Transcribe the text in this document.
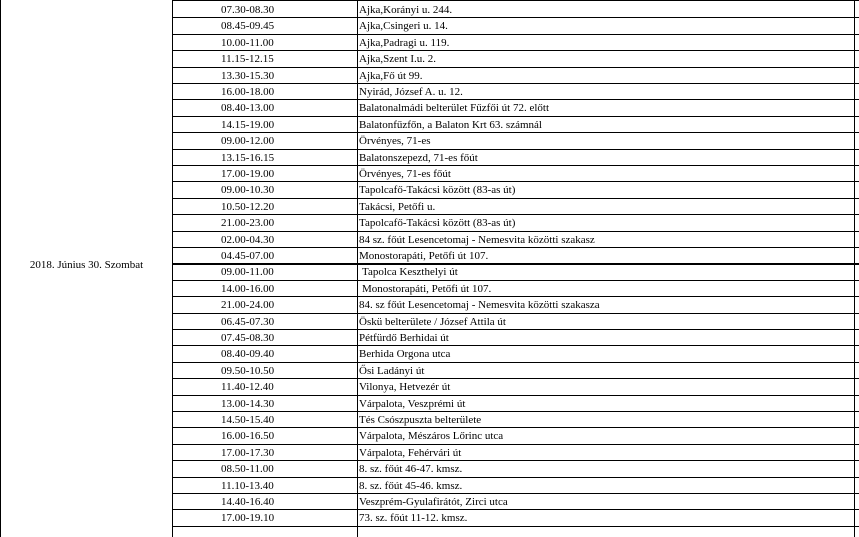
2018. Június 30. Szombat
07.30-08.30	Ajka,Korányi u. 244.
08.45-09.45	Ajka,Csingeri u. 14.
10.00-11.00	Ajka,Padragi u. 119.
11.15-12.15	Ajka,Szent I.u. 2.
13.30-15.30	Ajka,Fő út 99.
16.00-18.00	Nyirád, József A. u. 12.
08.40-13.00	Balatonalmádi belterület Fűzfői út 72. előtt
14.15-19.00	Balatonfűzfőn, a Balaton Krt 63. számnál
09.00-12.00	Örvényes, 71-es
13.15-16.15	Balatonszepezd, 71-es főút
17.00-19.00	Örvényes, 71-es főút
09.00-10.30	Tapolcafő-Takácsi között (83-as út)
10.50-12.20	Takácsi, Petőfi u.
21.00-23.00	Tapolcafő-Takácsi között (83-as út)
02.00-04.30	84 sz. főút Lesencetomaj - Nemesvita közötti szakasz
04.45-07.00	Monostorapáti, Petőfi út 107.
09.00-11.00	Tapolca Keszthelyi út
14.00-16.00	Monostorapáti, Petőfi út 107.
21.00-24.00	84. sz főút Lesencetomaj - Nemesvita közötti szakasza
06.45-07.30	Öskü belterülete / József Attila út
07.45-08.30	Pétfürdő Berhidai út
08.40-09.40	Berhida Orgona utca
09.50-10.50	Ősi Ladányi út
11.40-12.40	Vilonya, Hetvezér út
13.00-14.30	Várpalota, Veszprémi út
14.50-15.40	Tés Csószpuszta belterülete
16.00-16.50	Várpalota, Mészáros Lőrinc utca
17.00-17.30	Várpalota, Fehérvári út
08.50-11.00	8. sz. főút 46-47. kmsz.
11.10-13.40	8. sz. főút 45-46. kmsz.
14.40-16.40	Veszprém-Gyulafirátót, Zirci utca
17.00-19.10	73. sz. főút 11-12. kmsz.
